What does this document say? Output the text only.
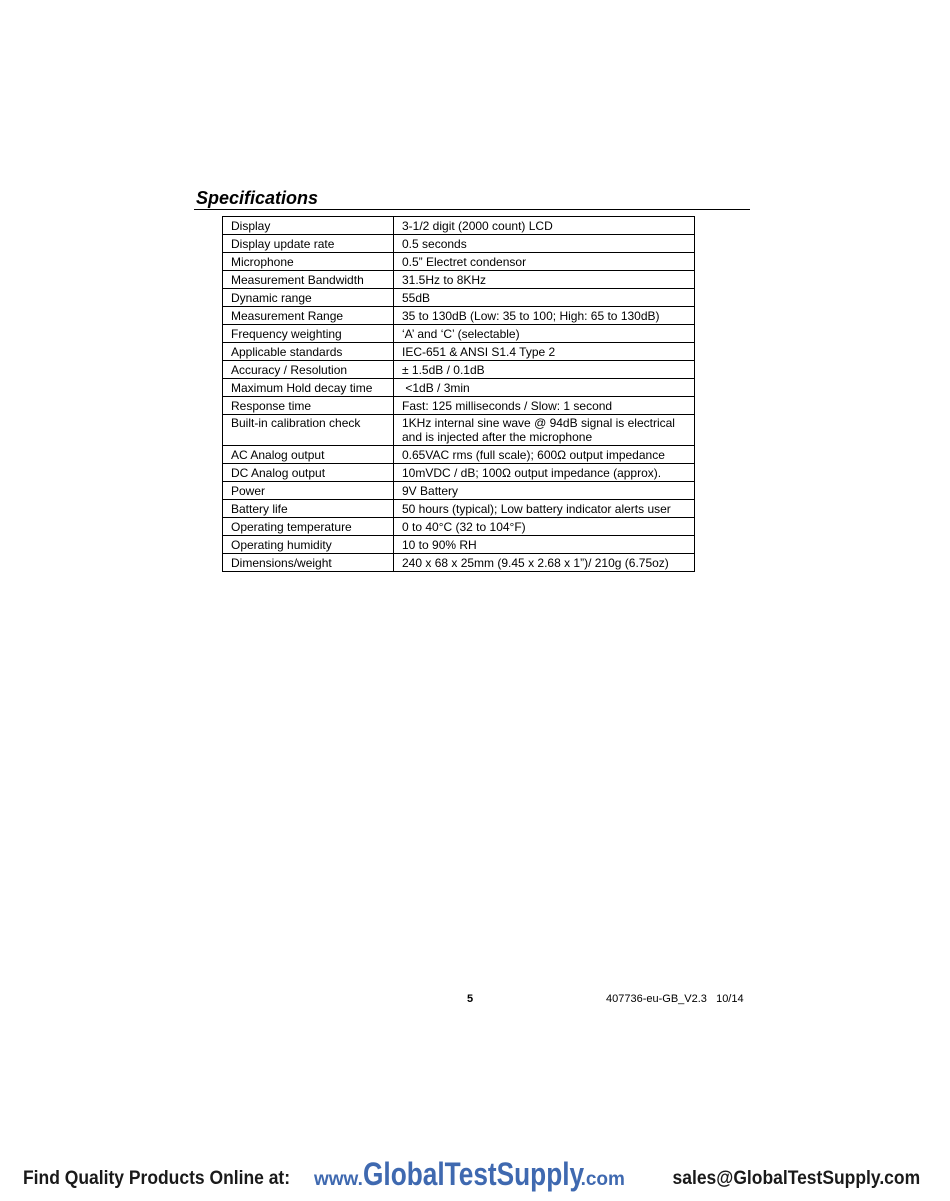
Specifications
Display	3-1/2 digit (2000 count) LCD
Display update rate	0.5 seconds
Microphone	0.5” Electret condensor
Measurement Bandwidth	31.5Hz to 8KHz
Dynamic range	55dB
Measurement Range	35 to 130dB (Low: 35 to 100; High: 65 to 130dB)
Frequency weighting	‘A’ and ‘C’ (selectable)
Applicable standards	IEC-651 & ANSI S1.4 Type 2
Accuracy / Resolution	± 1.5dB / 0.1dB
Maximum Hold decay time	<1dB / 3min
Response time	Fast: 125 milliseconds / Slow: 1 second
Built-in calibration check	1KHz internal sine wave @ 94dB signal is electrical
and is injected after the microphone

AC Analog output	0.65VAC rms (full scale); 600Ω output impedance
DC Analog output	10mVDC / dB; 100Ω output impedance (approx).
Power	9V Battery
Battery life	50 hours (typical); Low battery indicator alerts user
Operating temperature	0 to 40°C (32 to 104°F)
Operating humidity	10 to 90% RH
Dimensions/weight	240 x 68 x 25mm (9.45 x 2.68 x 1”)/ 210g (6.75oz)
5	407736-eu-GB_V2.3   10/14
Find Quality Products Online at: www.GlobalTestSupply.com sales@GlobalTestSupply.com
